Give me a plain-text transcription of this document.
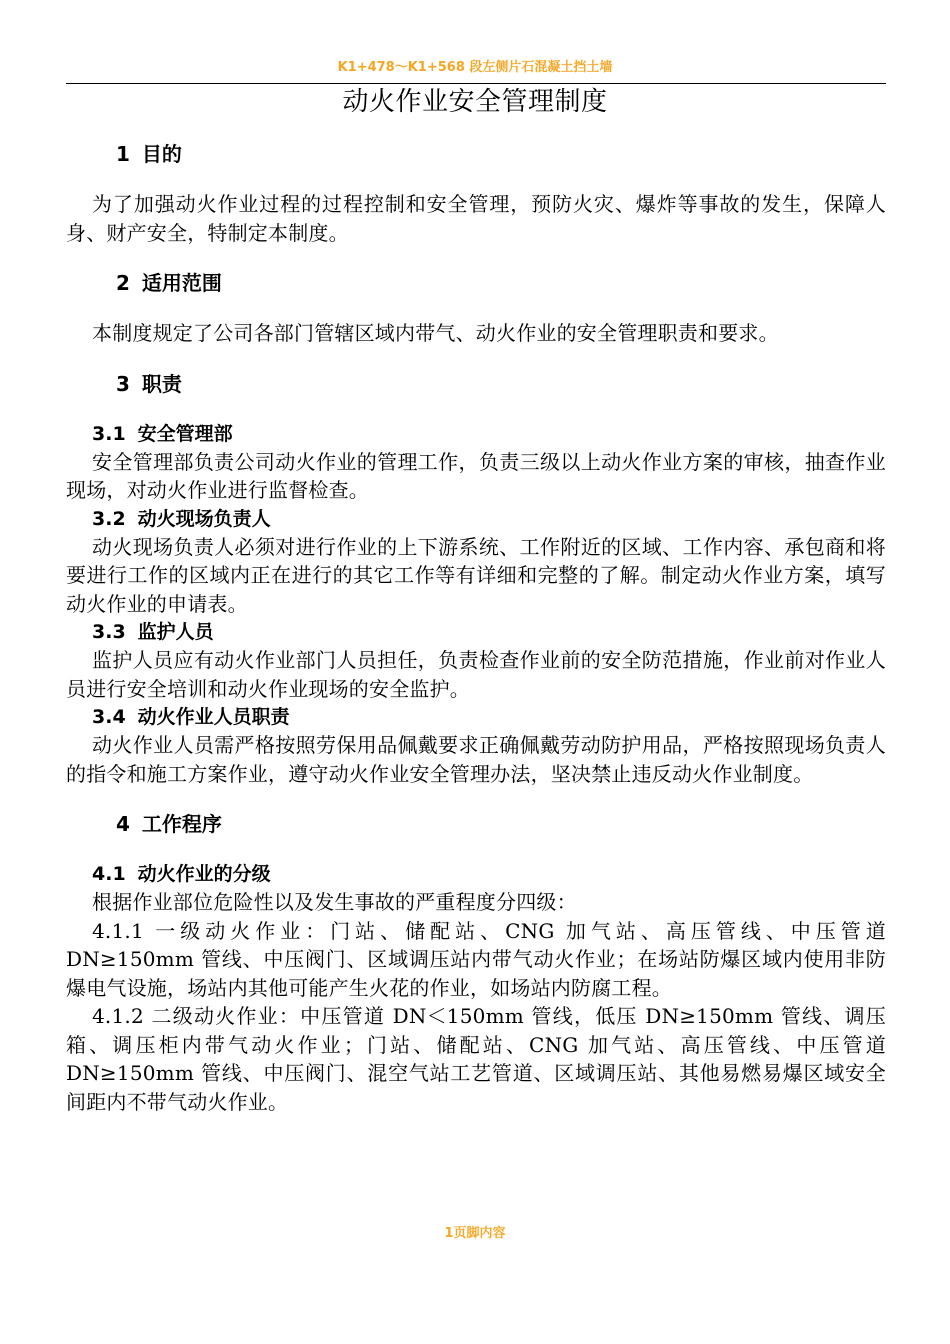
K1+478～K1+568 段左侧片石混凝土挡土墙
动火作业安全管理制度
1 目的
为了加强动火作业过程的过程控制和安全管理，预防火灾、爆炸等事故的发生，保障人身、财产安全，特制定本制度。
2 适用范围
本制度规定了公司各部门管辖区域内带气、动火作业的安全管理职责和要求。
3 职责
3.1 安全管理部
安全管理部负责公司动火作业的管理工作，负责三级以上动火作业方案的审核，抽查作业现场，对动火作业进行监督检查。
3.2 动火现场负责人
动火现场负责人必须对进行作业的上下游系统、工作附近的区域、工作内容、承包商和将要进行工作的区域内正在进行的其它工作等有详细和完整的了解。制定动火作业方案，填写动火作业的申请表。
3.3 监护人员
监护人员应有动火作业部门人员担任，负责检查作业前的安全防范措施，作业前对作业人员进行安全培训和动火作业现场的安全监护。
3.4 动火作业人员职责
动火作业人员需严格按照劳保用品佩戴要求正确佩戴劳动防护用品，严格按照现场负责人的指令和施工方案作业，遵守动火作业安全管理办法，坚决禁止违反动火作业制度。
4 工作程序
4.1 动火作业的分级
根据作业部位危险性以及发生事故的严重程度分四级：
4.1.1 一级动火作业：门站、储配站、CNG 加气站、高压管线、中压管道 DN≥150mm 管线、中压阀门、区域调压站内带气动火作业；在场站防爆区域内使用非防爆电气设施，场站内其他可能产生火花的作业，如场站内防腐工程。
4.1.2 二级动火作业：中压管道 DN＜150mm 管线，低压 DN≥150mm 管线、调压箱、调压柜内带气动火作业；门站、储配站、CNG 加气站、高压管线、中压管道 DN≥150mm 管线、中压阀门、混空气站工艺管道、区域调压站、其他易燃易爆区域安全间距内不带气动火作业。
1页脚内容
